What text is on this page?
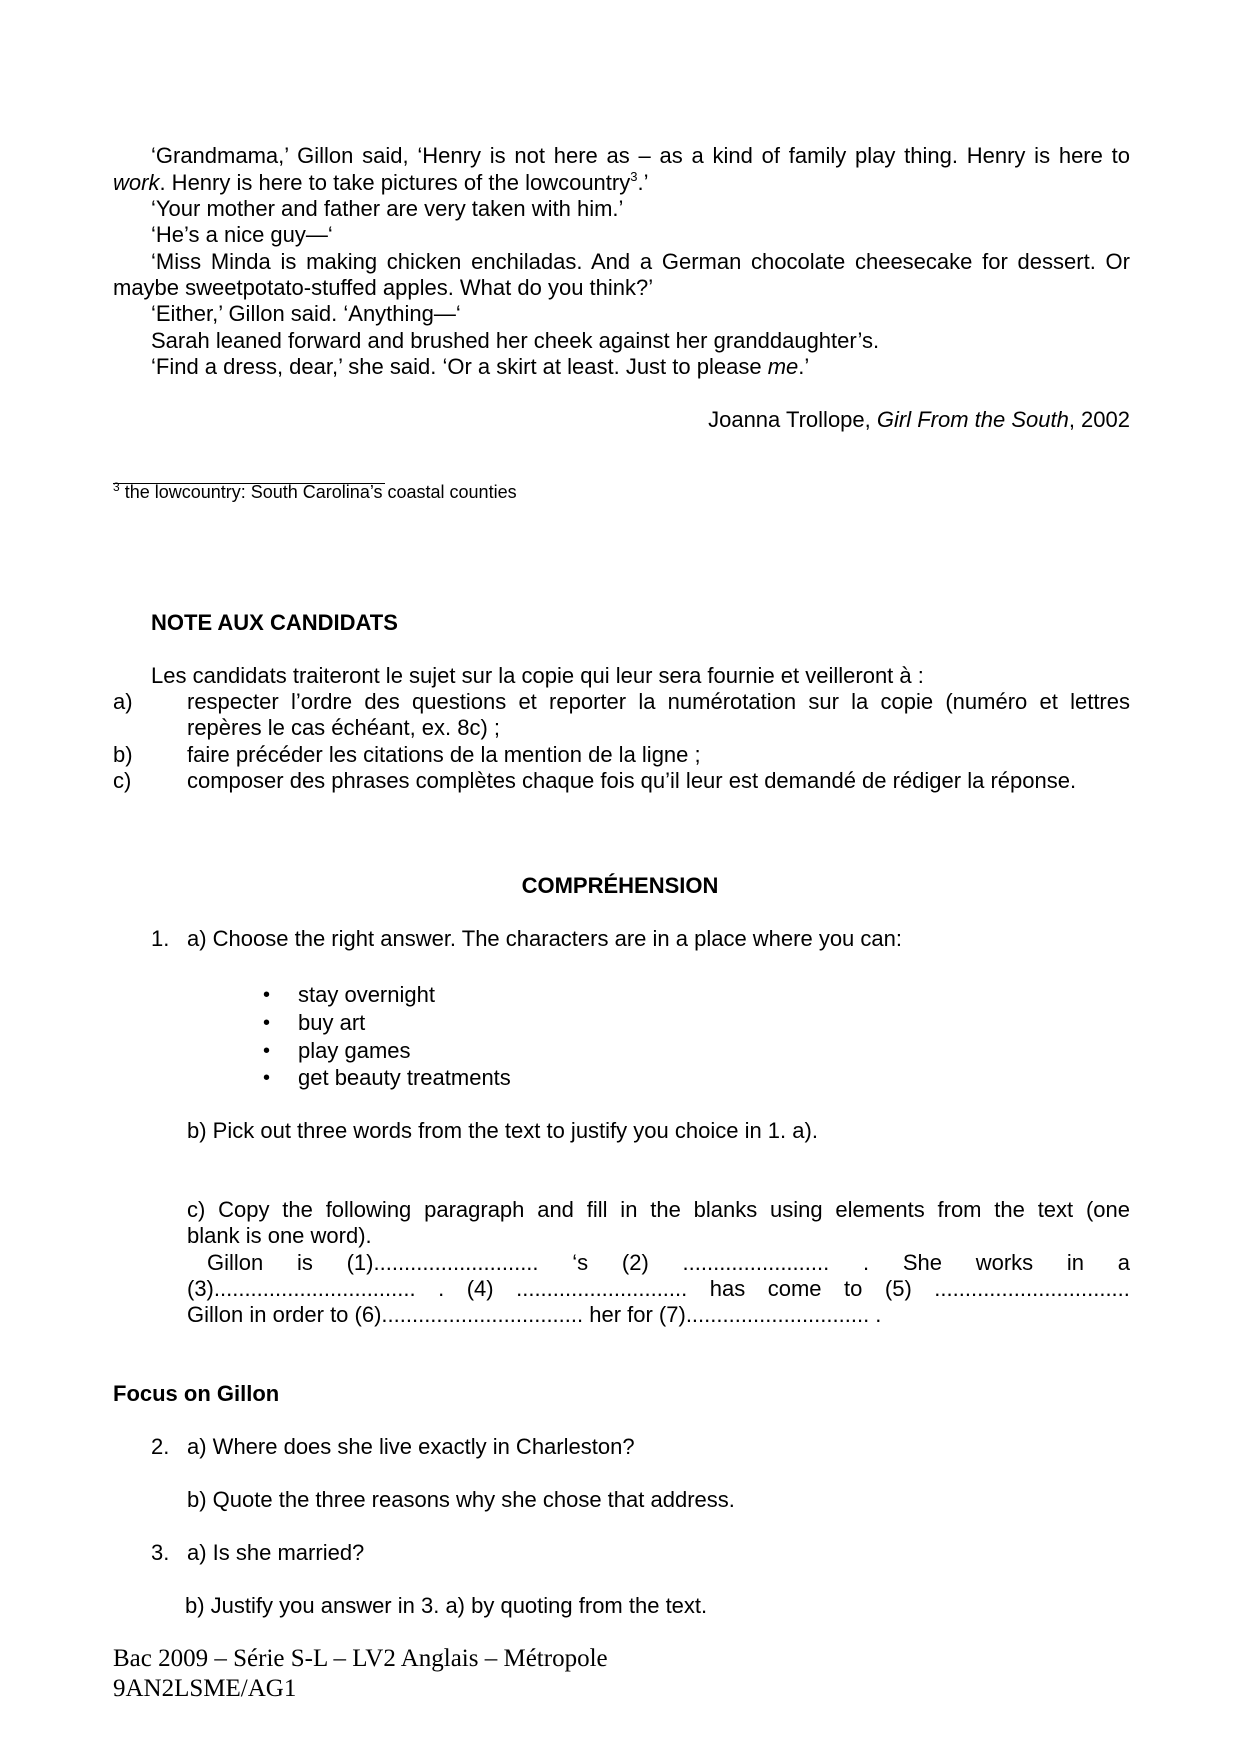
‘Grandmama,’ Gillon said, ‘Henry is not here as – as a kind of family play thing. Henry is here to
work. Henry is here to take pictures of the lowcountry$^3$.’
‘Your mother and father are very taken with him.’
‘He’s a nice guy—‘
‘Miss Minda is making chicken enchiladas. And a German chocolate cheesecake for dessert. Or
maybe sweetpotato-stuffed apples. What do you think?’
‘Either,’ Gillon said. ‘Anything—‘
Sarah leaned forward and brushed her cheek against her granddaughter’s.
‘Find a dress, dear,’ she said. ‘Or a skirt at least. Just to please me.’
Joanna Trollope, Girl From the South, 2002
$^3$ the lowcountry: South Carolina’s coastal counties
NOTE AUX CANDIDATS
Les candidats traiteront le sujet sur la copie qui leur sera fournie et veilleront à :
a) respecter l’ordre des questions et reporter la numérotation sur la copie (numéro et lettres
repères le cas échéant, ex. 8c) ;
b) faire précéder les citations de la mention de la ligne ;
c)	composer des phrases complètes chaque fois qu’il leur est demandé de rédiger la réponse.
COMPRÉHENSION
1. a) Choose the right answer. The characters are in a place where you can:
• stay overnight
• buy art
• play games
• get beauty treatments
b) Pick out three words from the text to justify you choice in 1. a).
c) Copy the following paragraph and fill in the blanks using elements from the text (one
blank is one word).
Gillon is (1)........................... ‘s (2) ........................ . She works in a
(3)................................. . (4) ............................ has come to (5) ................................
Gillon in order to (6)................................. her for (7).............................. .
Focus on Gillon
2. a) Where does she live exactly in Charleston?
b) Quote the three reasons why she chose that address.
3. a) Is she married?
b) Justify you answer in 3. a) by quoting from the text.
Bac 2009 – Série S-L – LV2 Anglais – Métropole
9AN2LSME/AG1
